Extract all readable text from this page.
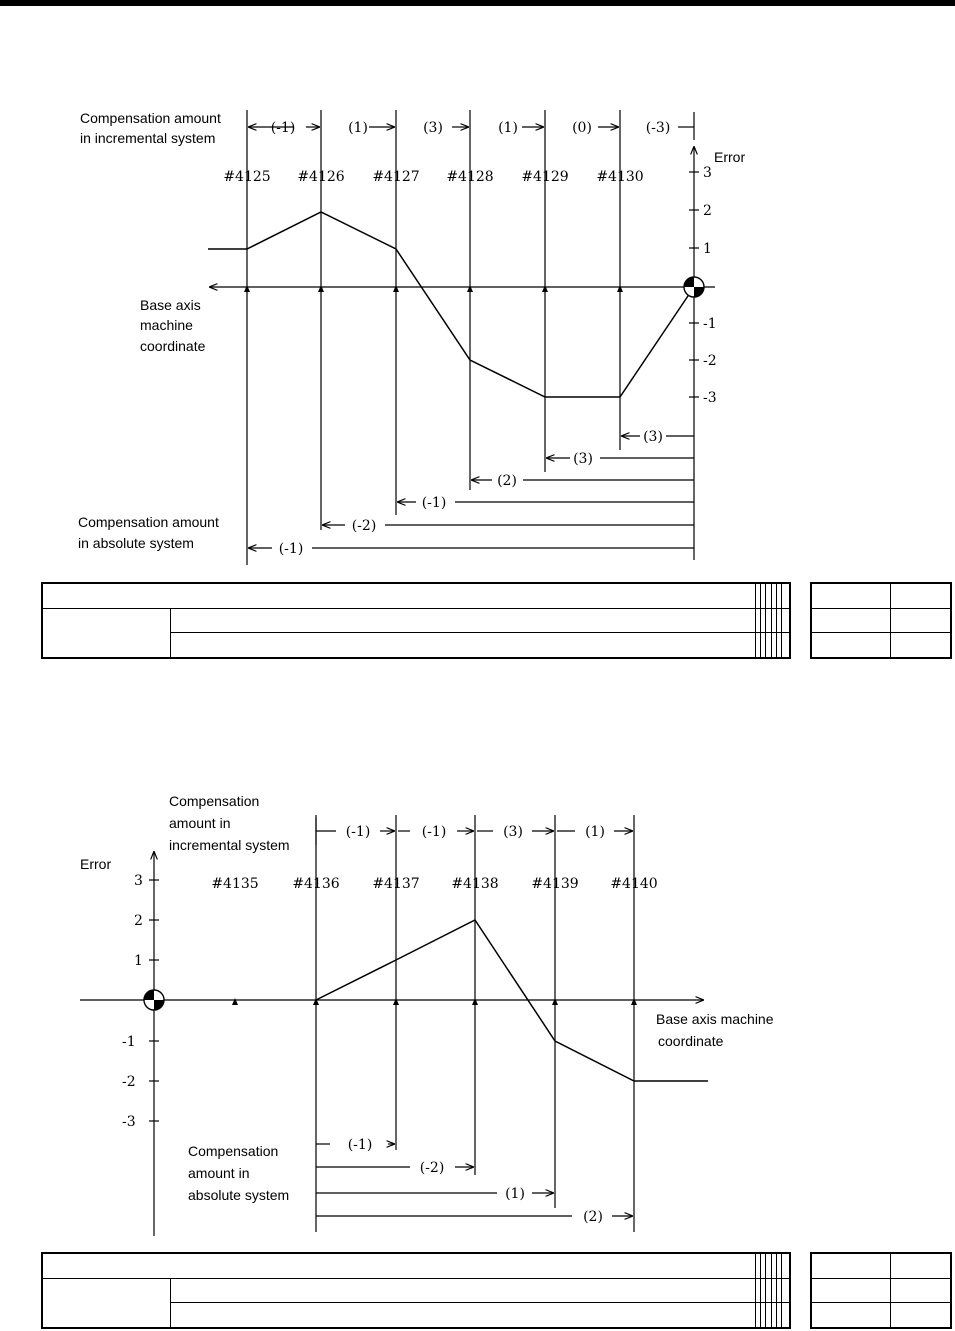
Compensation amount
in incremental system
Error
Base axis
machine
coordinate
Compensation amount
in absolute system
#4125 #4126 #4127 #4128 #4129 #4130
(-1)	(1)	(3)	(1)	(0)	(-3)
3
2
1
-1
-2
-3
(3)
(3)
(2)
(-1)
(-2)
(-1)
Compensation
amount in
incremental system
Error
Base axis machine
coordinate
Compensation
amount in
absolute system
#4135 #4136 #4137 #4138 #4139 #4140
(-1)	(-1)	(3)	(1)
3
2
1
-1
-2
-3
(-1)
(-2)
(1)
(2)
